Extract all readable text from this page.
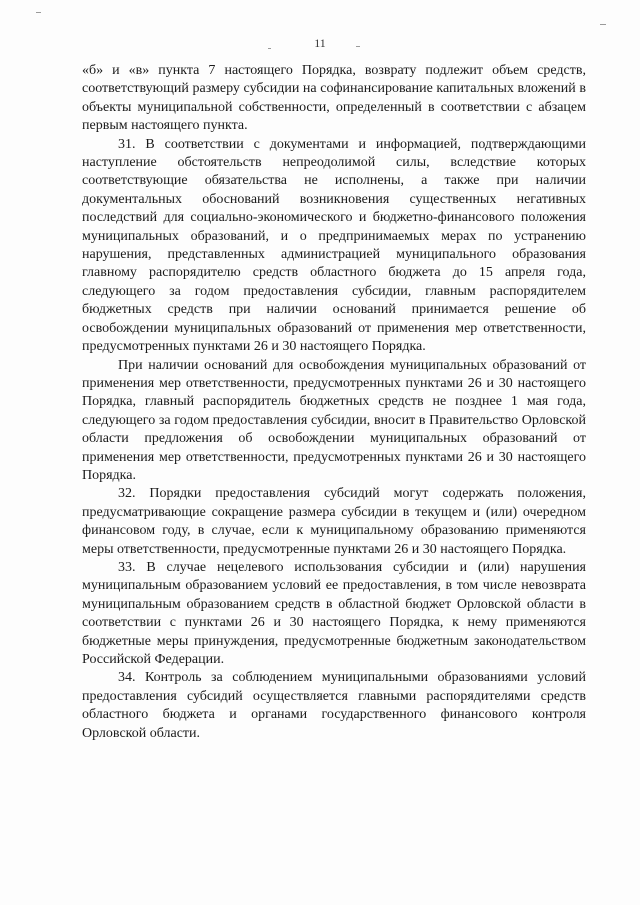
11

«б» и «в» пункта 7 настоящего Порядка, возврату подлежит объем средств, соответствующий размеру субсидии на софинансирование капитальных вложений в объекты муниципальной собственности, определенный в соответствии с абзацем первым настоящего пункта.

31. В соответствии с документами и информацией, подтверждающими наступление обстоятельств непреодолимой силы, вследствие которых соответствующие обязательства не исполнены, а также при наличии документальных обоснований возникновения существенных негативных последствий для социально-экономического и бюджетно-финансового положения муниципальных образований, и о предпринимаемых мерах по устранению нарушения, представленных администрацией муниципального образования главному распорядителю средств областного бюджета до 15 апреля года, следующего за годом предоставления субсидии, главным распорядителем бюджетных средств при наличии оснований принимается решение об освобождении муниципальных образований от применения мер ответственности, предусмотренных пунктами 26 и 30 настоящего Порядка.

При наличии оснований для освобождения муниципальных образований от применения мер ответственности, предусмотренных пунктами 26 и 30 настоящего Порядка, главный распорядитель бюджетных средств не позднее 1 мая года, следующего за годом предоставления субсидии, вносит в Правительство Орловской области предложения об освобождении муниципальных образований от применения мер ответственности, предусмотренных пунктами 26 и 30 настоящего Порядка.

32. Порядки предоставления субсидий могут содержать положения, предусматривающие сокращение размера субсидии в текущем и (или) очередном финансовом году, в случае, если к муниципальному образованию применяются меры ответственности, предусмотренные пунктами 26 и 30 настоящего Порядка.

33. В случае нецелевого использования субсидии и (или) нарушения муниципальным образованием условий ее предоставления, в том числе невозврата муниципальным образованием средств в областной бюджет Орловской области в соответствии с пунктами 26 и 30 настоящего Порядка, к нему применяются бюджетные меры принуждения, предусмотренные бюджетным законодательством Российской Федерации.

34. Контроль за соблюдением муниципальными образованиями условий предоставления субсидий осуществляется главными распорядителями средств областного бюджета и органами государственного финансового контроля Орловской области.
